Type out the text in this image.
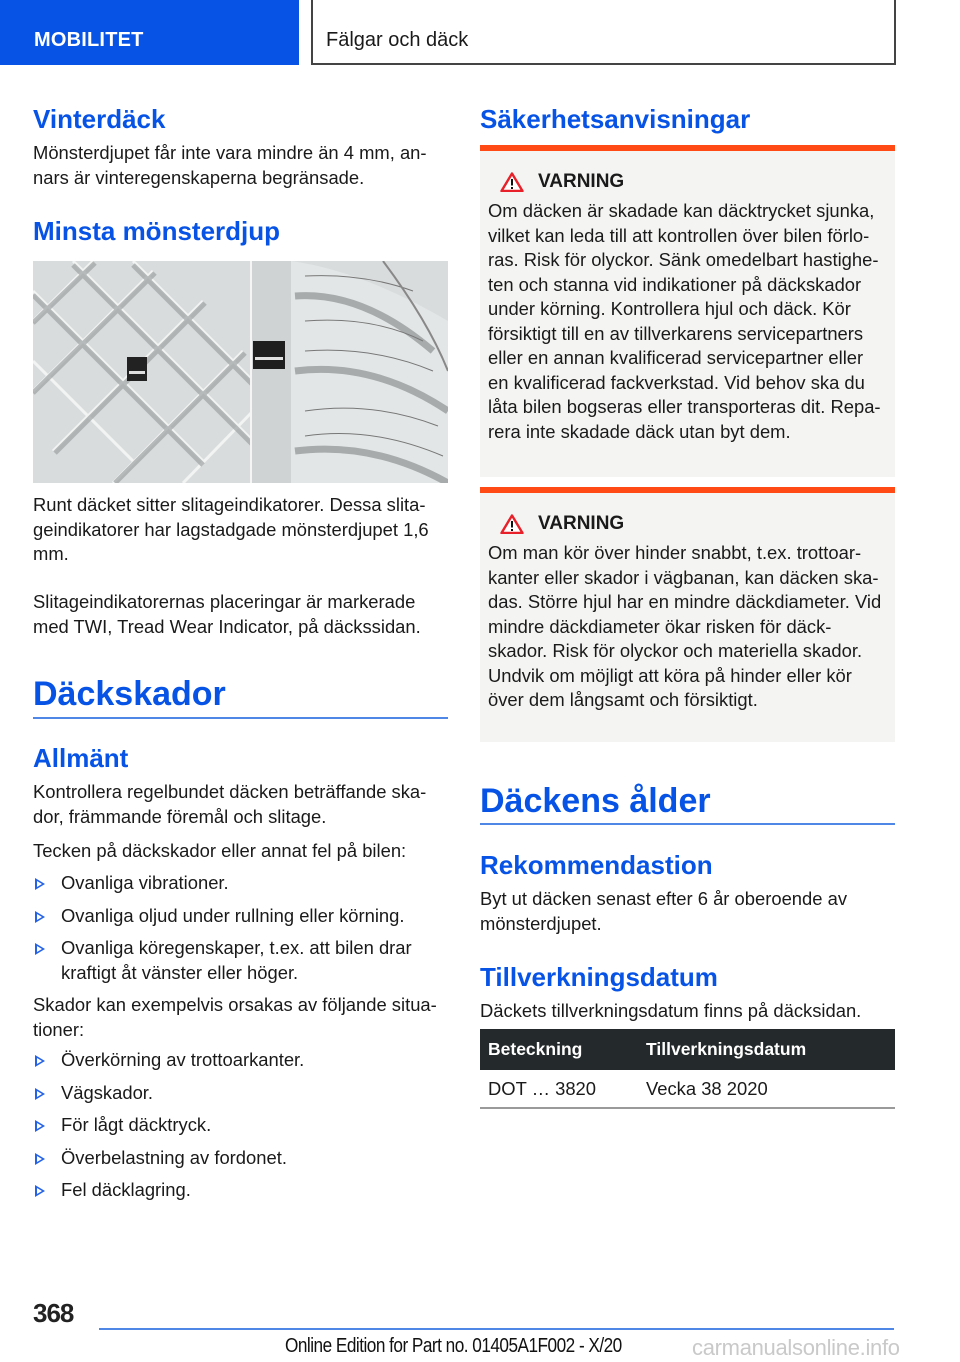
MOBILITET	Fälgar och däck
Vinterdäck
Mönsterdjupet får inte vara mindre än 4 mm, an-nars är vinteregenskaperna begränsade.
Minsta mönsterdjup
Runt däcket sitter slitageindikatorer. Dessa slita-geindikatorer har lagstadgade mönsterdjupet 1,6 mm.
Slitageindikatorernas placeringar är markerade med TWI, Tread Wear Indicator, på däckssidan.
Däckskador
Allmänt
Kontrollera regelbundet däcken beträffande ska-dor, främmande föremål och slitage.
Tecken på däckskador eller annat fel på bilen:
Ovanliga vibrationer.
Ovanliga oljud under rullning eller körning.
Ovanliga köregenskaper, t.ex. att bilen drar kraftigt åt vänster eller höger.
Skador kan exempelvis orsakas av följande situa-tioner:
Överkörning av trottoarkanter.
Vägskador.
För lågt däcktryck.
Överbelastning av fordonet.
Fel däcklagring.
Säkerhetsanvisningar
VARNING
Om däcken är skadade kan däcktrycket sjunka, vilket kan leda till att kontrollen över bilen förlo-ras. Risk för olyckor. Sänk omedelbart hastighe-ten och stanna vid indikationer på däckskador under körning. Kontrollera hjul och däck. Kör försiktigt till en av tillverkarens servicepartners eller en annan kvalificerad servicepartner eller en kvalificerad fackverkstad. Vid behov ska du låta bilen bogseras eller transporteras dit. Repa-rera inte skadade däck utan byt dem.
VARNING
Om man kör över hinder snabbt, t.ex. trottoar-kanter eller skador i vägbanan, kan däcken ska-das. Större hjul har en mindre däckdiameter. Vid mindre däckdiameter ökar risken för däck-skador. Risk för olyckor och materiella skador. Undvik om möjligt att köra på hinder eller kör över dem långsamt och försiktigt.
Däckens ålder
Rekommendastion
Byt ut däcken senast efter 6 år oberoende av mönsterdjupet.
Tillverkningsdatum
Däckets tillverkningsdatum finns på däcksidan.
Beteckning	Tillverkningsdatum
DOT … 3820	Vecka 38 2020
368
Online Edition for Part no. 01405A1F002 - X/20	carmanualsonline.info
